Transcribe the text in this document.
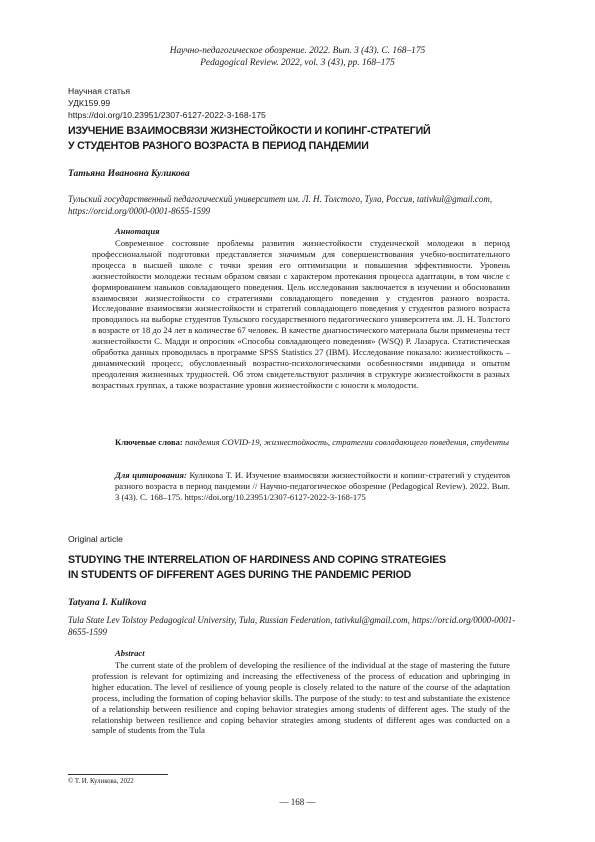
Научно-педагогическое обозрение. 2022. Вып. 3 (43). С. 168–175
Pedagogical Review. 2022, vol. 3 (43), pp. 168–175
Научная статья
УДК159.99
https://doi.org/10.23951/2307-6127-2022-3-168-175
ИЗУЧЕНИЕ ВЗАИМОСВЯЗИ ЖИЗНЕСТОЙКОСТИ И КОПИНГ-СТРАТЕГИЙ
У СТУДЕНТОВ РАЗНОГО ВОЗРАСТА В ПЕРИОД ПАНДЕМИИ
Татьяна Ивановна Куликова
Тульский государственный педагогический университет им. Л. Н. Толстого, Тула, Россия, tativkul@gmail.com, https://orcid.org/0000-0001-8655-1599
Аннотация

Современное состояние проблемы развития жизнестойкости студенческой молодежи в период профессиональной подготовки представляется значимым для совершенствования учебно-воспитательного процесса в высшей школе с точки зрения его оптимизации и повышения эффективности. Уровень жизнестойкости молодежи тесным образом связан с характером протекания процесса адаптации, в том числе с формированием навыков совладающего поведения. Цель исследования заключается в изучении и обосновании взаимосвязи жизнестойкости со стратегиями совладающего поведения у студентов разного возраста. Исследование взаимосвязи жизнестойкости и стратегий совладающего поведения у студентов разного возраста проводилось на выборке студентов Тульского государственного педагогического университета им. Л. Н. Толстого в возрасте от 18 до 24 лет в количестве 67 человек. В качестве диагностического материала были применены тест жизнестойкости С. Мадди и опросник «Способы совладающего поведения» (WSQ) Р. Лазаруса. Статистическая обработка данных проводилась в программе SPSS Statistics 27 (IBM). Исследование показало: жизнестойкость – динамический процесс, обусловленный возрастно-психологическими особенностями индивида и опытом преодоления жизненных трудностей. Об этом свидетельствуют различия в структуре жизнестойкости в разных возрастных группах, а также возрастание уровня жизнестойкости с юности к молодости.

Ключевые слова: пандемия COVID-19, жизнестойкость, стратегии совладающего поведения, студенты

Для цитирования: Куликова Т. И. Изучение взаимосвязи жизнестойкости и копинг-стратегий у студентов разного возраста в период пандемии // Научно-педагогическое обозрение (Pedagogical Review). 2022. Вып. 3 (43). С. 168–175. https://doi.org/10.23951/2307-6127-2022-3-168-175

Original article
STUDYING THE INTERRELATION OF HARDINESS AND COPING STRATEGIES
IN STUDENTS OF DIFFERENT AGES DURING THE PANDEMIC PERIOD
Tatyana I. Kulikova
Tula State Lev Tolstoy Pedagogical University, Tula, Russian Federation, tativkul@gmail.com, https://orcid.org/0000-0001-8655-1599
Abstract

The current state of the problem of developing the resilience of the individual at the stage of mastering the future profession is relevant for optimizing and increasing the effectiveness of the process of education and upbringing in higher education. The level of resilience of young people is closely related to the nature of the course of the adaptation process, including the formation of coping behavior skills. The purpose of the study: to test and substantiate the existence of a relationship between resilience and coping behavior strategies among students of different ages. The study of the relationship between resilience and coping behavior strategies among students of different ages was conducted on a sample of students from the Tula

© Т. И. Куликова, 2022
— 168 —
